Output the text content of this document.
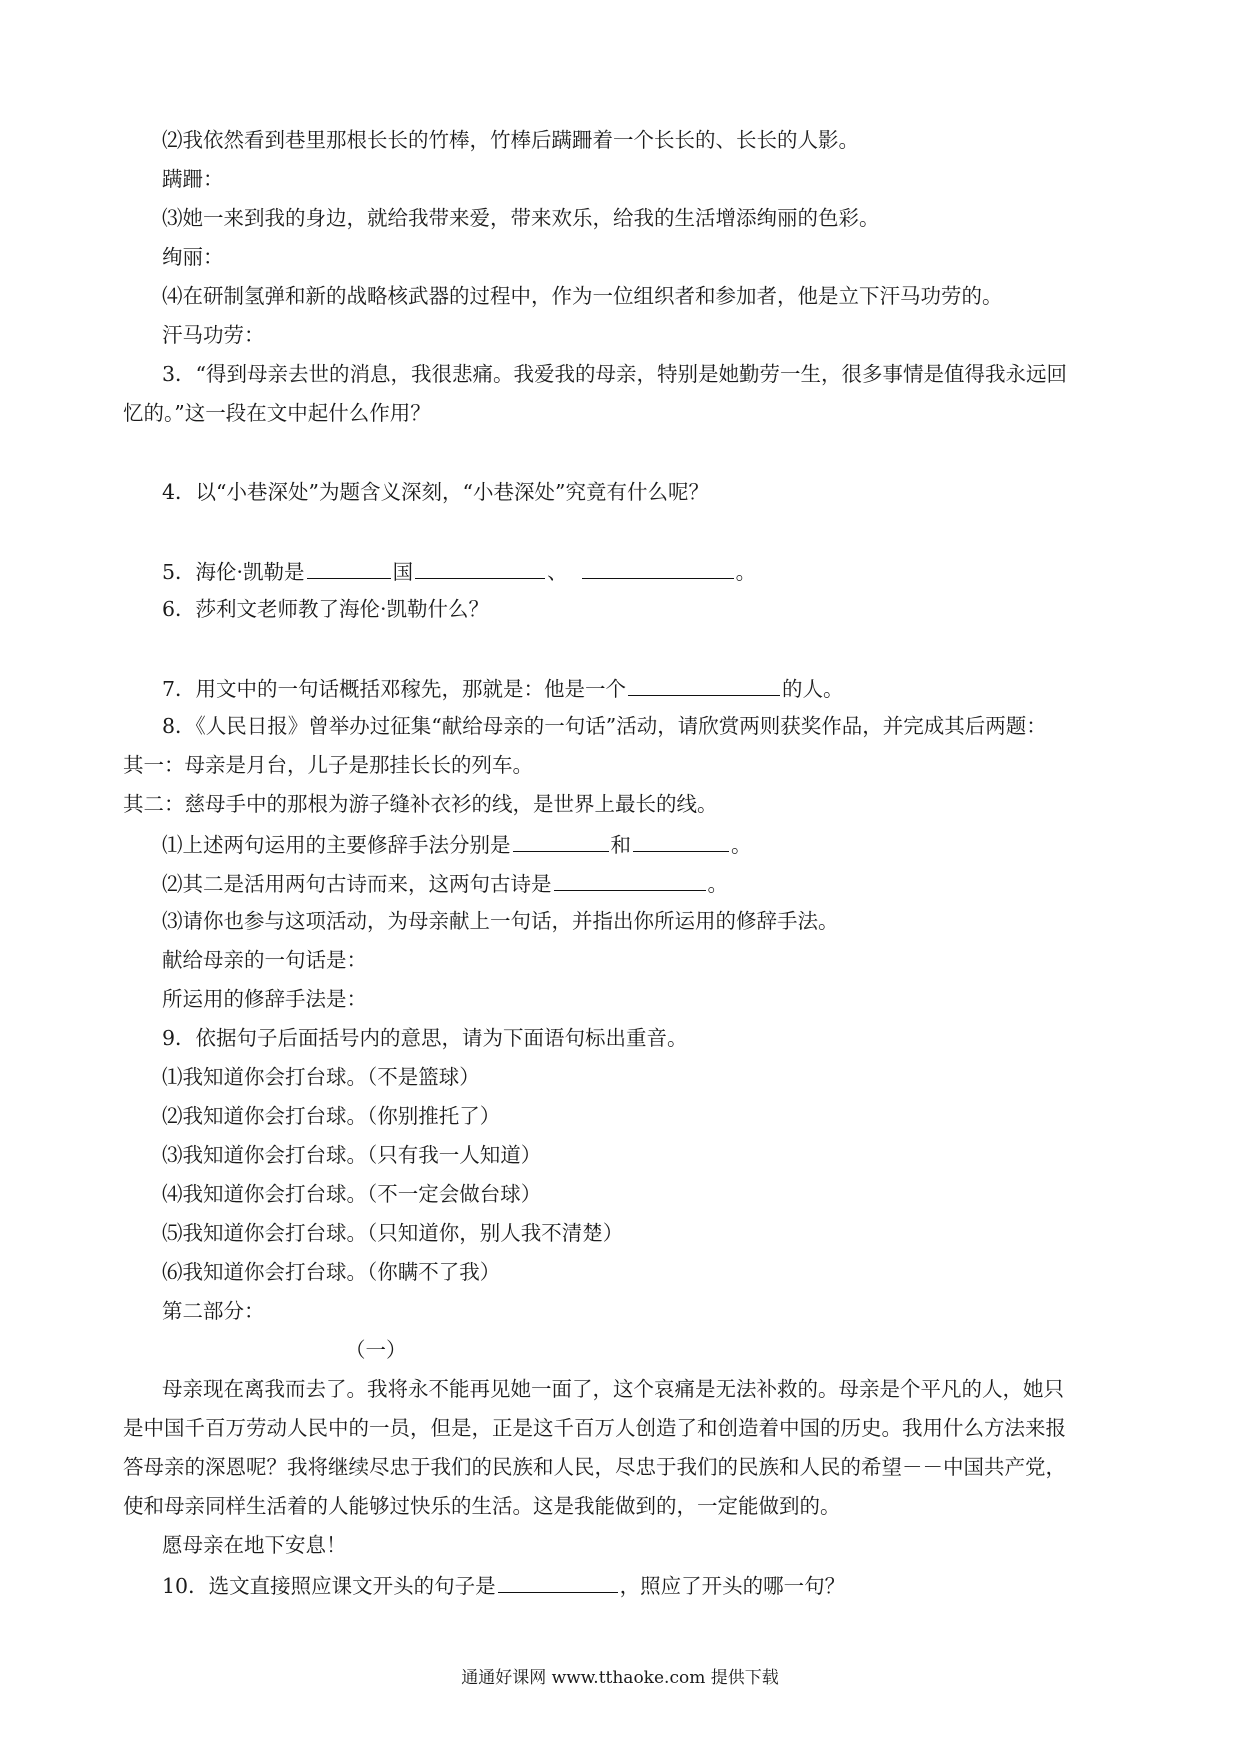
⑵我依然看到巷里那根长长的竹棒，竹棒后蹒跚着一个长长的、长长的人影。
蹒跚：
⑶她一来到我的身边，就给我带来爱，带来欢乐，给我的生活增添绚丽的色彩。
绚丽：
⑷在研制氢弹和新的战略核武器的过程中，作为一位组织者和参加者，他是立下汗马功劳的。
汗马功劳：
3．“得到母亲去世的消息，我很悲痛。我爱我的母亲，特别是她勤劳一生，很多事情是值得我永远回
忆的。”这一段在文中起什么作用？
4．以“小巷深处”为题含义深刻，“小巷深处”究竟有什么呢？
5．海伦·凯勒是	国	、	。
6．莎利文老师教了海伦·凯勒什么？
7．用文中的一句话概括邓稼先，那就是：他是一个	的人。
8．《人民日报》曾举办过征集“献给母亲的一句话”活动，请欣赏两则获奖作品，并完成其后两题：
其一：母亲是月台，儿子是那挂长长的列车。
其二：慈母手中的那根为游子缝补衣衫的线，是世界上最长的线。
⑴上述两句运用的主要修辞手法分别是	和	。
⑵其二是活用两句古诗而来，这两句古诗是	。
⑶请你也参与这项活动，为母亲献上一句话，并指出你所运用的修辞手法。
献给母亲的一句话是：
所运用的修辞手法是：
9．依据句子后面括号内的意思，请为下面语句标出重音。
⑴我知道你会打台球。（不是篮球）
⑵我知道你会打台球。（你别推托了）
⑶我知道你会打台球。（只有我一人知道）
⑷我知道你会打台球。（不一定会做台球）
⑸我知道你会打台球。（只知道你，别人我不清楚）
⑹我知道你会打台球。（你瞒不了我）
第二部分：
（一）
母亲现在离我而去了。我将永不能再见她一面了，这个哀痛是无法补救的。母亲是个平凡的人，她只
是中国千百万劳动人民中的一员，但是，正是这千百万人创造了和创造着中国的历史。我用什么方法来报
答母亲的深恩呢？我将继续尽忠于我们的民族和人民，尽忠于我们的民族和人民的希望－－中国共产党，
使和母亲同样生活着的人能够过快乐的生活。这是我能做到的，一定能做到的。
愿母亲在地下安息！
10．选文直接照应课文开头的句子是	，照应了开头的哪一句？
通通好课网 www.tthaoke.com 提供下载
